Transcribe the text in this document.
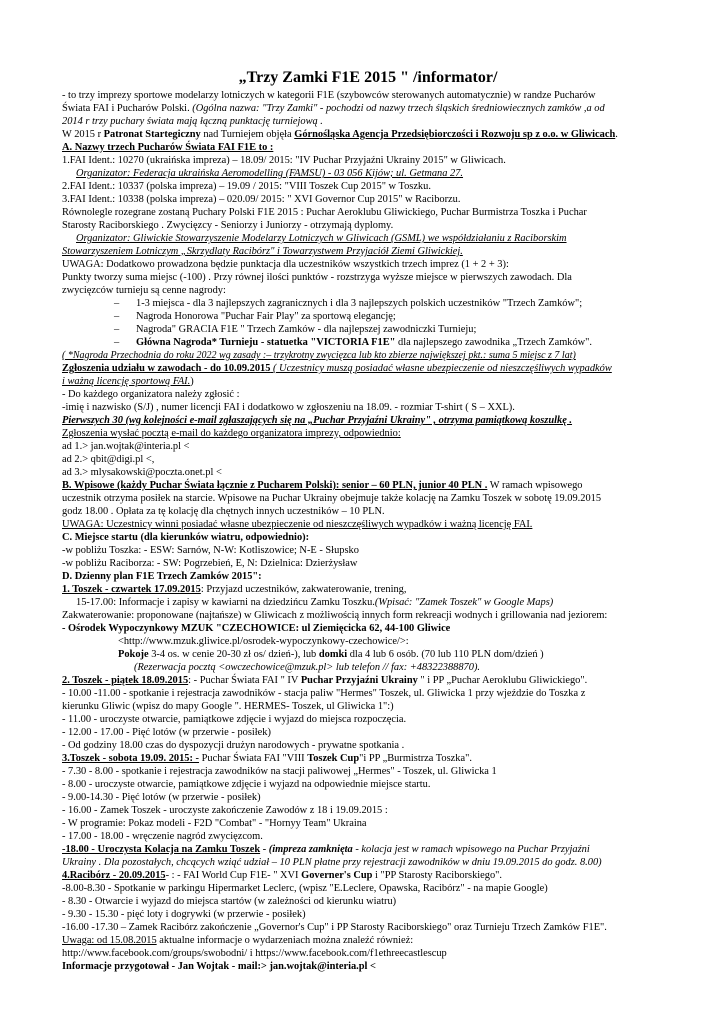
„Trzy Zamki F1E 2015 " /informator/
- to trzy imprezy sportowe modelarzy lotniczych w kategorii F1E (szybowców sterowanych automatycznie) w randze Pucharów
Świata FAI i Pucharów Polski. (Ogólna nazwa: "Trzy Zamki" - pochodzi od nazwy trzech śląskich średniowiecznych zamków ,a od
2014 r trzy puchary świata mają łączną punktację turniejową .
W 2015 r Patronat Startegiczny nad Turniejem objęła Górnośląska Agencja Przedsiębiorczości i Rozwoju sp z o.o. w Gliwicach.
A. Nazwy trzech Pucharów Świata FAI F1E to :
1.FAI Ident.: 10270 (ukraińska impreza) – 18.09/ 2015: "IV Puchar Przyjaźni Ukrainy 2015" w Gliwicach.
Organizator: Federacja ukraińska Aeromodelling (FAMSU) - 03 056 Kijów; ul. Getmana 27.
2.FAI Ident.: 10337 (polska impreza) – 19.09 / 2015: "VIII Toszek Cup 2015" w Toszku.
3.FAI Ident.: 10338 (polska impreza) – 020.09/ 2015: " XVI Governor Cup 2015" w Raciborzu.
Równolegle rozegrane zostaną Puchary Polski F1E 2015 : Puchar Aeroklubu Gliwickiego, Puchar Burmistrza Toszka i Puchar
Starosty Raciborskiego . Zwycięzcy - Seniorzy i Juniorzy - otrzymają dyplomy.
Organizator: Gliwickie Stowarzyszenie Modelarzy Lotniczych w Gliwicach (GSML) we współdziałaniu z Raciborskim
Stowarzyszeniem Lotniczym „Skrzydlaty Racibórz" i Towarzystwem Przyjaciół Ziemi Gliwickiej.
UWAGA: Dodatkowo prowadzona będzie punktacja dla uczestników wszystkich trzech imprez (1 + 2 + 3):
Punkty tworzy suma miejsc (-100) . Przy równej ilości punktów - rozstrzyga wyższe miejsce w pierwszych zawodach. Dla
zwycięzców turnieju są cenne nagrody:
– 1-3 miejsca - dla 3 najlepszych zagranicznych i dla 3 najlepszych polskich uczestników "Trzech Zamków";
– Nagroda Honorowa "Puchar Fair Play" za sportową elegancję;
– Nagroda" GRACIA F1E " Trzech Zamków - dla najlepszej zawodniczki Turnieju;
– Główna Nagroda* Turnieju - statuetka "VICTORIA F1E" dla najlepszego zawodnika „Trzech Zamków".
( *Nagroda Przechodnia do roku 2022 wg zasady :– trzykrotny zwycięzca lub kto zbierze największej pkt.: suma 5 miejsc z 7 lat)
Zgłoszenia udziału w zawodach - do 10.09.2015 ( Uczestnicy muszą posiadać własne ubezpieczenie od nieszczęśliwych wypadków
i ważną licencję sportową FAI.)
- Do każdego organizatora należy zgłosić :
-imię i nazwisko (S/J) , numer licencji FAI i dodatkowo w zgłoszeniu na 18.09. - rozmiar T-shirt ( S – XXL).
Pierwszych 30 (wg kolejności e-mail zgłaszających się na „Puchar Przyjaźni Ukrainy" , otrzyma pamiątkową koszulkę .
Zgłoszenia wysłać pocztą e-mail do każdego organizatora imprezy, odpowiednio:
ad 1.> jan.wojtak@interia.pl <
ad 2.> qbit@digi.pl <,
ad 3.> mlysakowski@poczta.onet.pl <
B. Wpisowe (każdy Puchar Świata łącznie z Pucharem Polski): senior – 60 PLN, junior 40 PLN . W ramach wpisowego
uczestnik otrzyma posiłek na starcie. Wpisowe na Puchar Ukrainy obejmuje także kolację na Zamku Toszek w sobotę 19.09.2015
godz 18.00 . Opłata za tę kolację dla chętnych innych uczestników – 10 PLN.
UWAGA: Uczestnicy winni posiadać własne ubezpieczenie od nieszczęśliwych wypadków i ważną licencję FAI.
C. Miejsce startu (dla kierunków wiatru, odpowiednio):
-w pobliżu Toszka: - ESW: Sarnów, N-W: Kotliszowice; N-E - Słupsko
-w pobliżu Raciborza: - SW: Pogrzebień, E, N: Dzielnica: Dzierżysław
D. Dzienny plan F1E Trzech Zamków 2015":
1. Toszek - czwartek 17.09.2015: Przyjazd uczestników, zakwaterowanie, trening,
15-17.00: Informacje i zapisy w kawiarni na dziedzińcu Zamku Toszku.(Wpisać: "Zamek Toszek" w Google Maps)
Zakwaterowanie: proponowane (najtańsze) w Gliwicach z możliwością innych form rekreacji wodnych i grillowania nad jeziorem:
- Ośrodek Wypoczynkowy MZUK "CZECHOWICE: ul Ziemięcicka 62, 44-100 Gliwice
<http://www.mzuk.gliwice.pl/osrodek-wypoczynkowy-czechowice/>:
Pokoje 3-4 os. w cenie 20-30 zł os/ dzień-), lub domki dla 4 lub 6 osób. (70 lub 110 PLN dom/dzień )
(Rezerwacja pocztą <owczechowice@mzuk.pl> lub telefon // fax: +48322388870).
2. Toszek - piątek 18.09.2015: - Puchar Świata FAI " IV Puchar Przyjaźni Ukrainy " i PP „Puchar Aeroklubu Gliwickiego".
- 10.00 -11.00 - spotkanie i rejestracja zawodników - stacja paliw "Hermes" Toszek, ul. Gliwicka 1 przy wjeździe do Toszka z
kierunku Gliwic (wpisz do mapy Google ". HERMES- Toszek, ul Gliwicka 1":)
- 11.00 - uroczyste otwarcie, pamiątkowe zdjęcie i wyjazd do miejsca rozpoczęcia.
- 12.00 - 17.00 - Pięć lotów (w przerwie - posiłek)
- Od godziny 18.00 czas do dyspozycji drużyn narodowych - prywatne spotkania .
3.Toszek - sobota 19.09. 2015: - Puchar Świata FAI "VIII Toszek Cup"i PP „Burmistrza Toszka".
- 7.30 - 8.00 - spotkanie i rejestracja zawodników na stacji paliwowej „Hermes" - Toszek, ul. Gliwicka 1
- 8.00 - uroczyste otwarcie, pamiątkowe zdjęcie i wyjazd na odpowiednie miejsce startu.
- 9.00-14.30 - Pięć lotów (w przerwie - posiłek)
- 16.00 - Zamek Toszek - uroczyste zakończenie Zawodów z 18 i 19.09.2015 :
- W programie: Pokaz modeli - F2D "Combat" - "Hornyy Team" Ukraina
- 17.00 - 18.00 - wręczenie nagród zwycięzcom.
-18.00 - Uroczysta Kolacja na Zamku Toszek - (impreza zamknięta - kolacja jest w ramach wpisowego na Puchar Przyjaźni
Ukrainy . Dla pozostałych, chcących wziąć udział – 10 PLN płatne przy rejestracji zawodników w dniu 19.09.2015 do godz. 8.00)
4.Racibórz - 20.09.2015- : - FAI World Cup F1E- " XVI Governer's Cup i "PP Starosty Raciborskiego".
-8.00-8.30 - Spotkanie w parkingu Hipermarket Leclerc, (wpisz "E.Leclere, Opawska, Racibórz" - na mapie Google)
- 8.30 - Otwarcie i wyjazd do miejsca startów (w zależności od kierunku wiatru)
- 9.30 - 15.30 - pięć loty i dogrywki (w przerwie - posiłek)
-16.00 -17.30 – Zamek Racibórz zakończenie „Governor's Cup" i PP Starosty Raciborskiego" oraz Turnieju Trzech Zamków F1E".
Uwaga: od 15.08.2015 aktualne informacje o wydarzeniach można znaleźć również:
http://www.facebook.com/groups/swobodni/ i https://www.facebook.com/f1ethreecastlescup
Informacje przygotował - Jan Wojtak - mail:> jan.wojtak@interia.pl <
